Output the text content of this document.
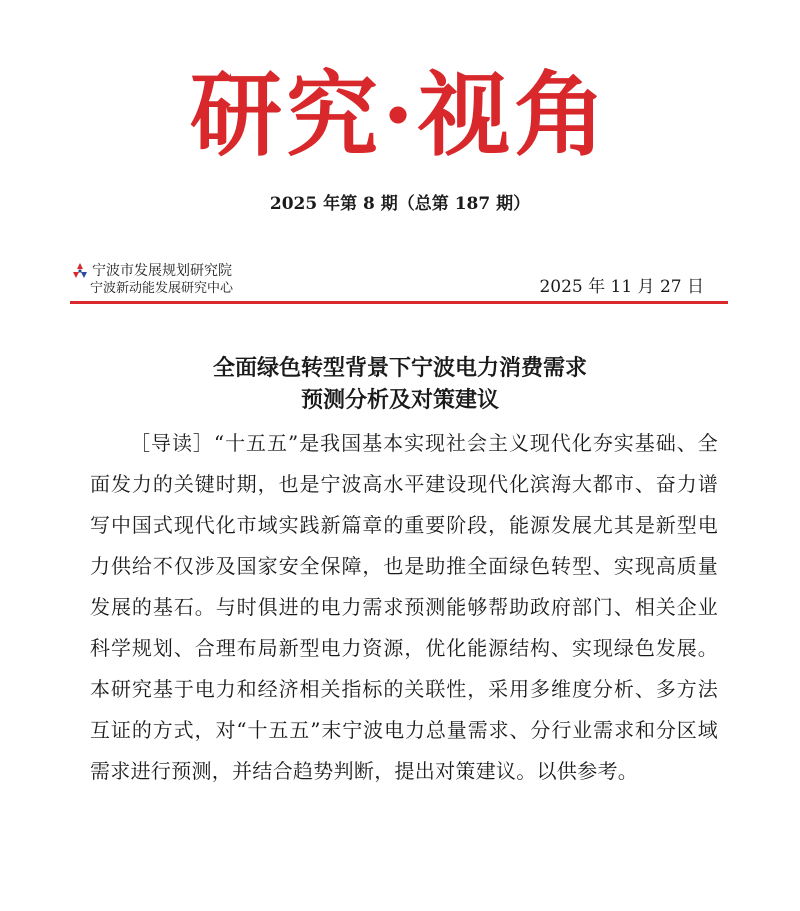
研究·视角
2025 年第 8 期（总第 187 期）
宁波市发展规划研究院
宁波新动能发展研究中心	2025 年 11 月 27 日
全面绿色转型背景下宁波电力消费需求
预测分析及对策建议

［导读］“十五五”是我国基本实现社会主义现代化夯实基础、全面发力的关键时期，也是宁波高水平建设现代化滨海大都市、奋力谱写中国式现代化市域实践新篇章的重要阶段，能源发展尤其是新型电力供给不仅涉及国家安全保障，也是助推全面绿色转型、实现高质量发展的基石。与时俱进的电力需求预测能够帮助政府部门、相关企业科学规划、合理布局新型电力资源，优化能源结构、实现绿色发展。本研究基于电力和经济相关指标的关联性，采用多维度分析、多方法互证的方式，对“十五五”末宁波电力总量需求、分行业需求和分区域需求进行预测，并结合趋势判断，提出对策建议。以供参考。
